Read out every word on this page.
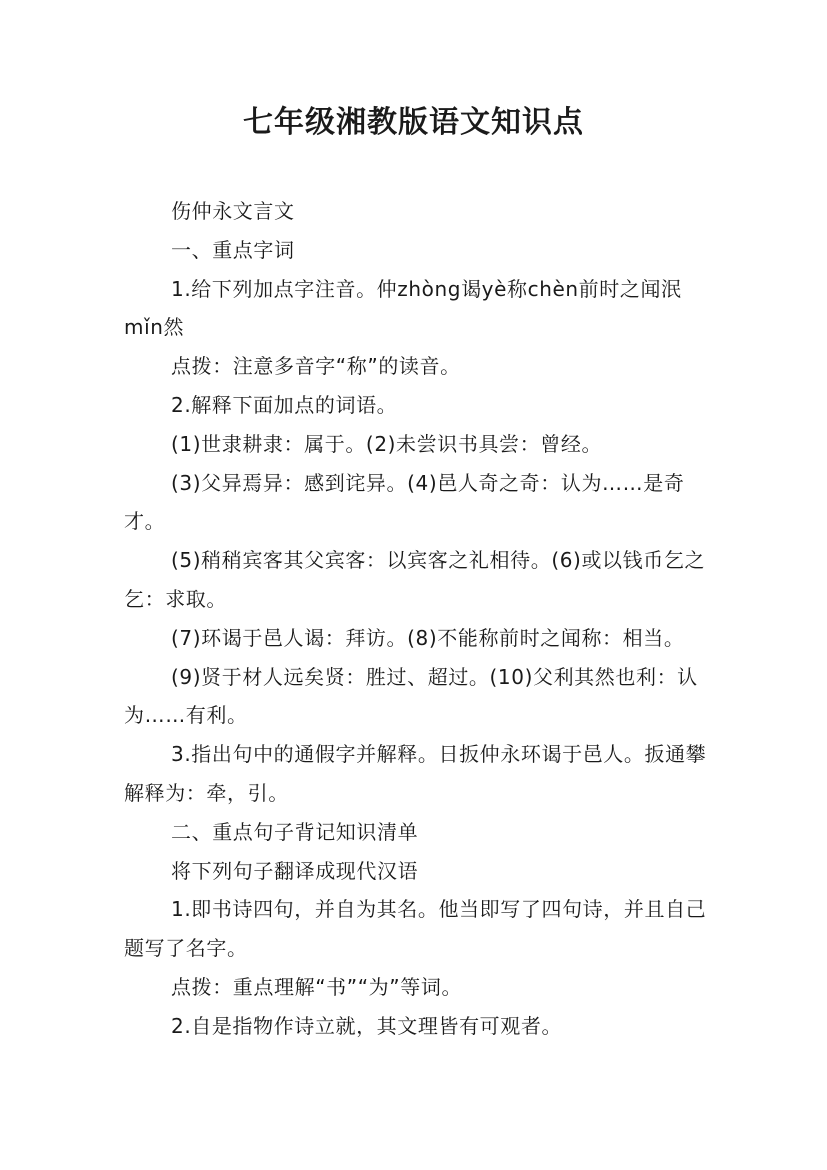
七年级湘教版语文知识点

伤仲永文言文

一、重点字词

1.给下列加点字注音。仲zhòng谒yè称chèn前时之闻泯mǐn然

点拨：注意多音字“称”的读音。

2.解释下面加点的词语。

(1)世隶耕隶：属于。(2)未尝识书具尝：曾经。

(3)父异焉异：感到诧异。(4)邑人奇之奇：认为……是奇才。

(5)稍稍宾客其父宾客：以宾客之礼相待。(6)或以钱币乞之乞：求取。

(7)环谒于邑人谒：拜访。(8)不能称前时之闻称：相当。

(9)贤于材人远矣贤：胜过、超过。(10)父利其然也利：认为……有利。

3.指出句中的通假字并解释。日扳仲永环谒于邑人。扳通攀解释为：牵，引。

二、重点句子背记知识清单

将下列句子翻译成现代汉语

1.即书诗四句，并自为其名。他当即写了四句诗，并且自己题写了名字。

点拨：重点理解“书”“为”等词。

2.自是指物作诗立就，其文理皆有可观者。
